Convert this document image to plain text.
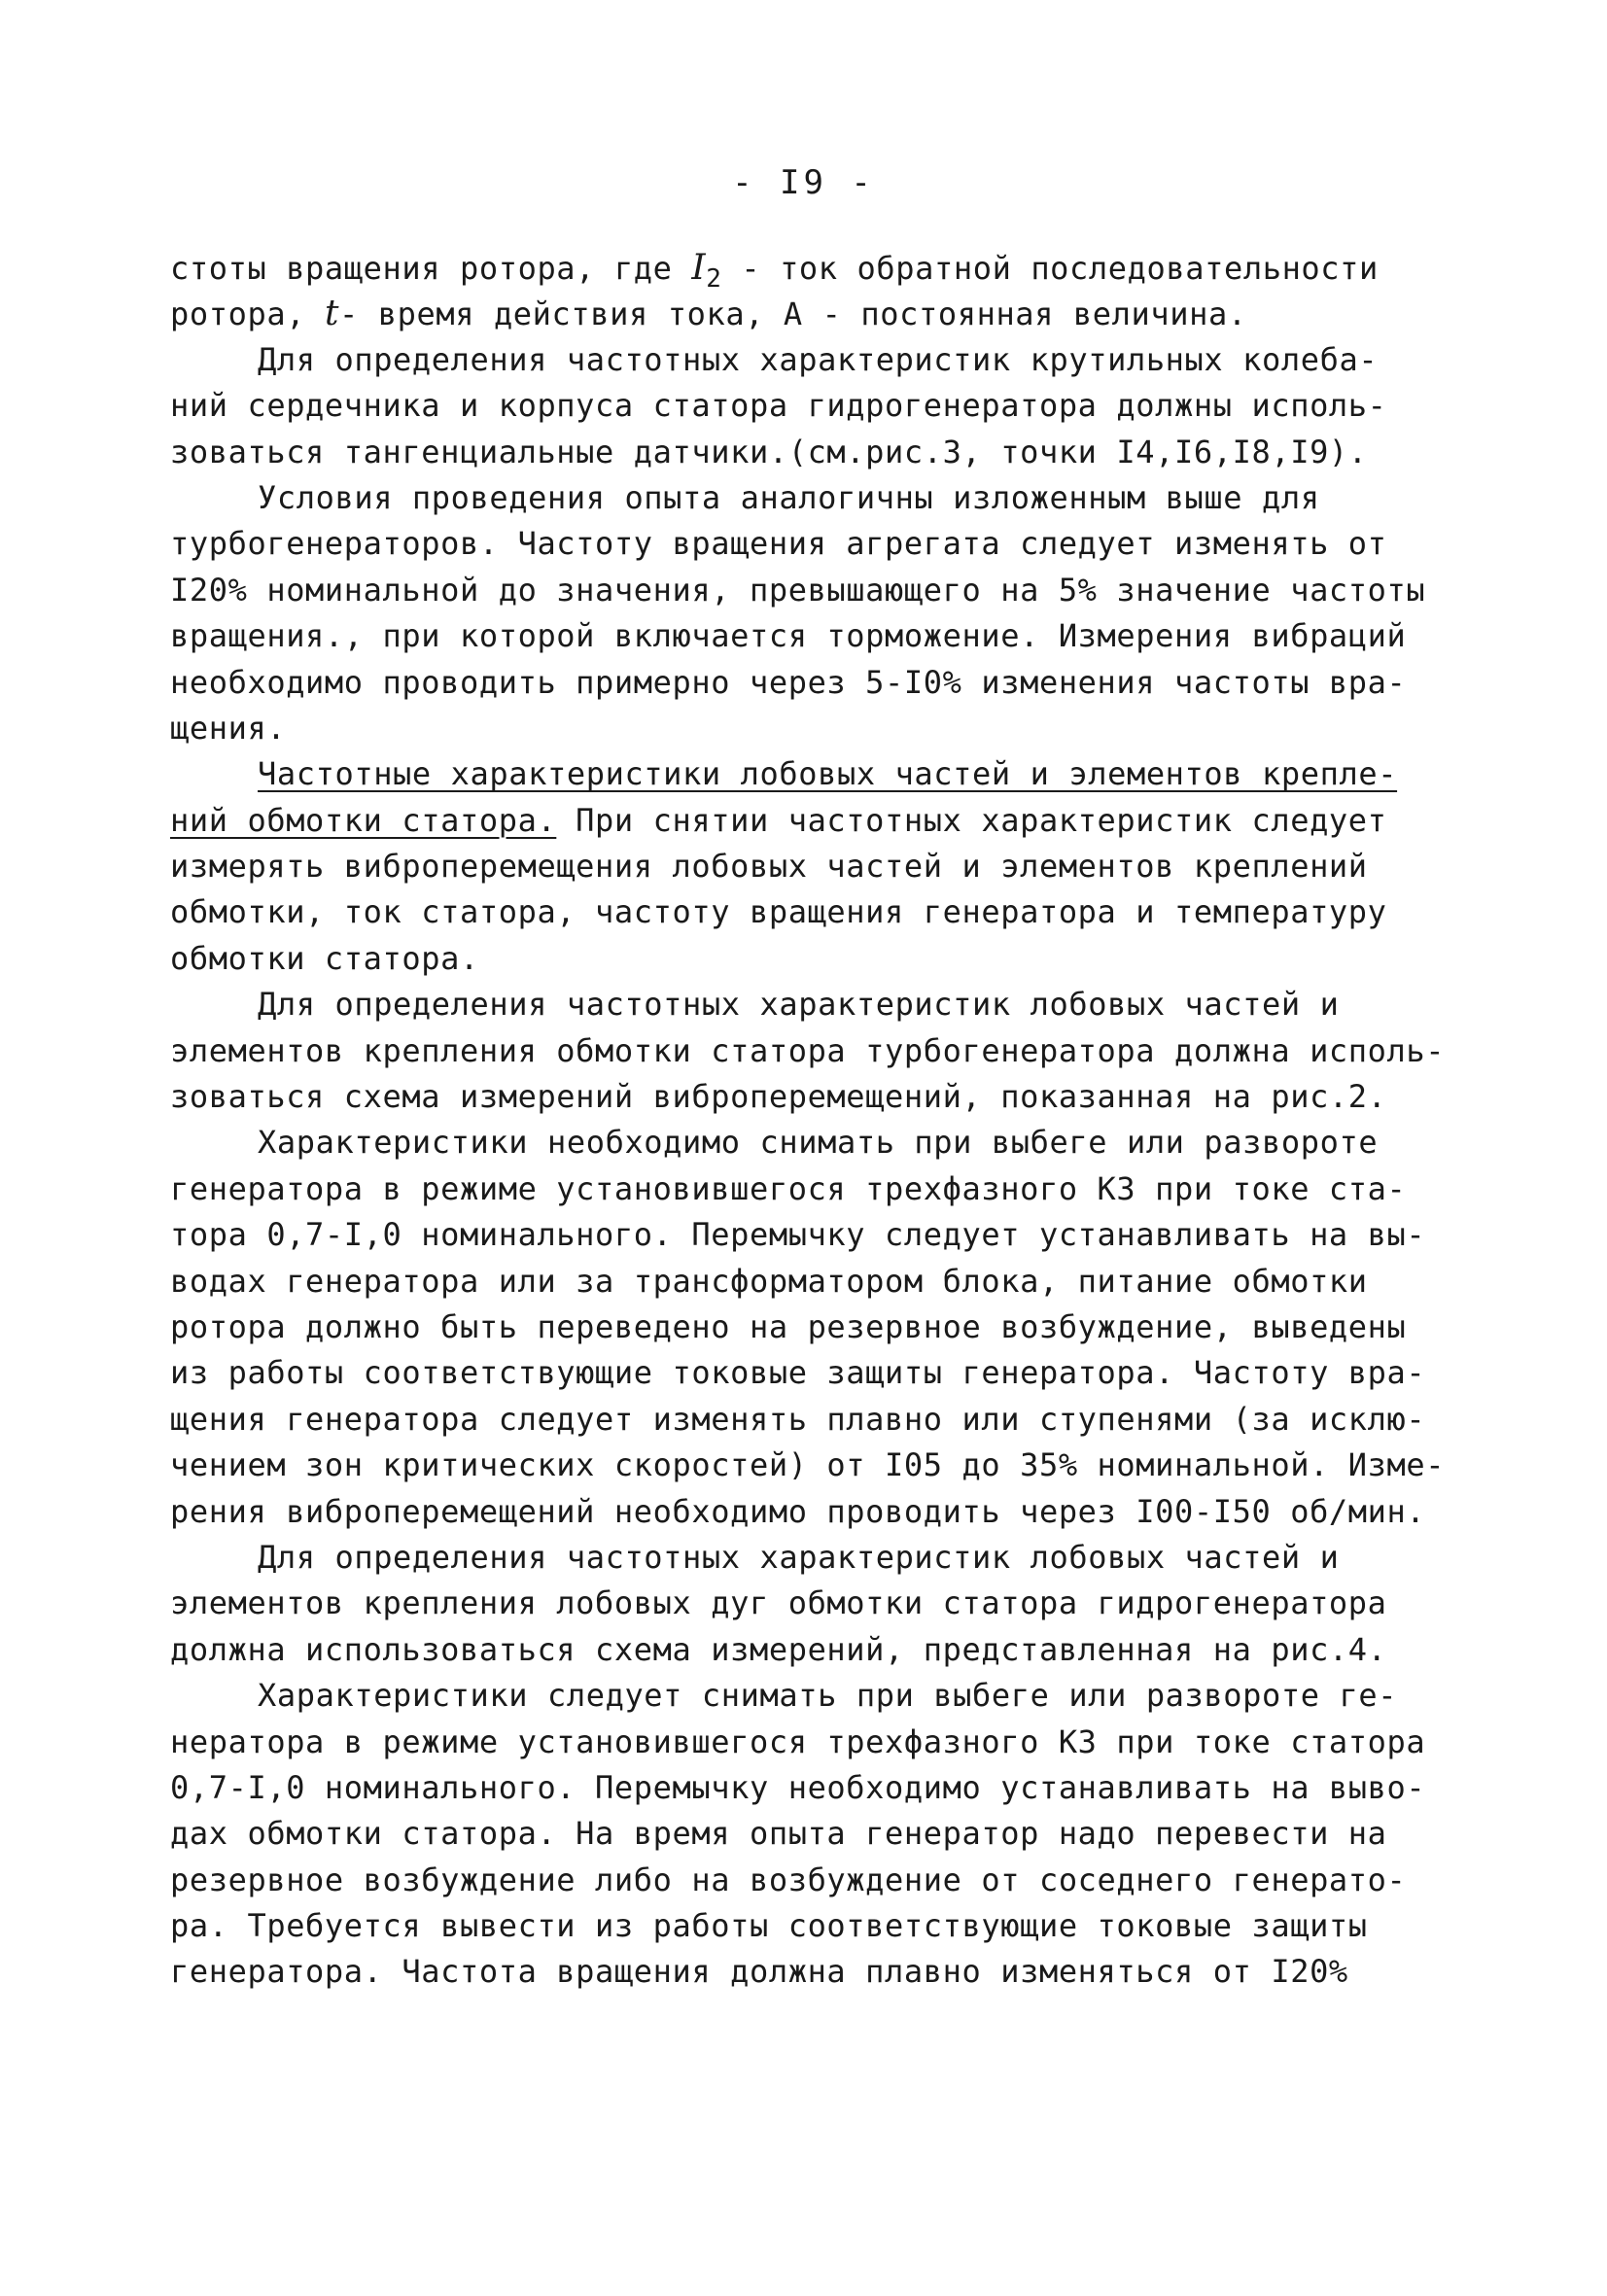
- I9 -
стоты вращения ротора, где $I_2$ - ток обратной последовательности
ротора, t- время действия тока, А - постоянная величина.
Для определения частотных характеристик крутильных колеба-
ний сердечника и корпуса статора гидрогенератора должны исполь-
зоваться тангенциальные датчики.(см.рис.3, точки I4,I6,I8,I9).
Условия проведения опыта аналогичны изложенным выше для
турбогенераторов. Частоту вращения агрегата следует изменять от
I20% номинальной до значения, превышающего на 5% значение частоты
вращения., при которой включается торможение. Измерения вибраций
необходимо проводить примерно через 5-I0% изменения частоты вра-
щения.
Частотные характеристики лобовых частей и элементов крепле-
ний обмотки статора. При снятии частотных характеристик следует
измерять виброперемещения лобовых частей и элементов креплений
обмотки, ток статора, частоту вращения генератора и температуру
обмотки статора.
Для определения частотных характеристик лобовых частей и
элементов крепления обмотки статора турбогенератора должна исполь-
зоваться схема измерений виброперемещений, показанная на рис.2.
Характеристики необходимо снимать при выбеге или развороте
генератора в режиме установившегося трехфазного КЗ при токе ста-
тора 0,7-I,0 номинального. Перемычку следует устанавливать на вы-
водах генератора или за трансформатором блока, питание обмотки
ротора должно быть переведено на резервное возбуждение, выведены
из работы соответствующие токовые защиты генератора. Частоту вра-
щения генератора следует изменять плавно или ступенями (за исклю-
чением зон критических скоростей) от I05 до 35% номинальной. Изме-
рения виброперемещений необходимо проводить через I00-I50 об/мин.
Для определения частотных характеристик лобовых частей и
элементов крепления лобовых дуг обмотки статора гидрогенератора
должна использоваться схема измерений, представленная на рис.4.
Характеристики следует снимать при выбеге или развороте ге-
нератора в режиме установившегося трехфазного КЗ при токе статора
0,7-I,0 номинального. Перемычку необходимо устанавливать на выво-
дах обмотки статора. На время опыта генератор надо перевести на
резервное возбуждение либо на возбуждение от соседнего генерато-
ра. Требуется вывести из работы соответствующие токовые защиты
генератора. Частота вращения должна плавно изменяться от I20%
